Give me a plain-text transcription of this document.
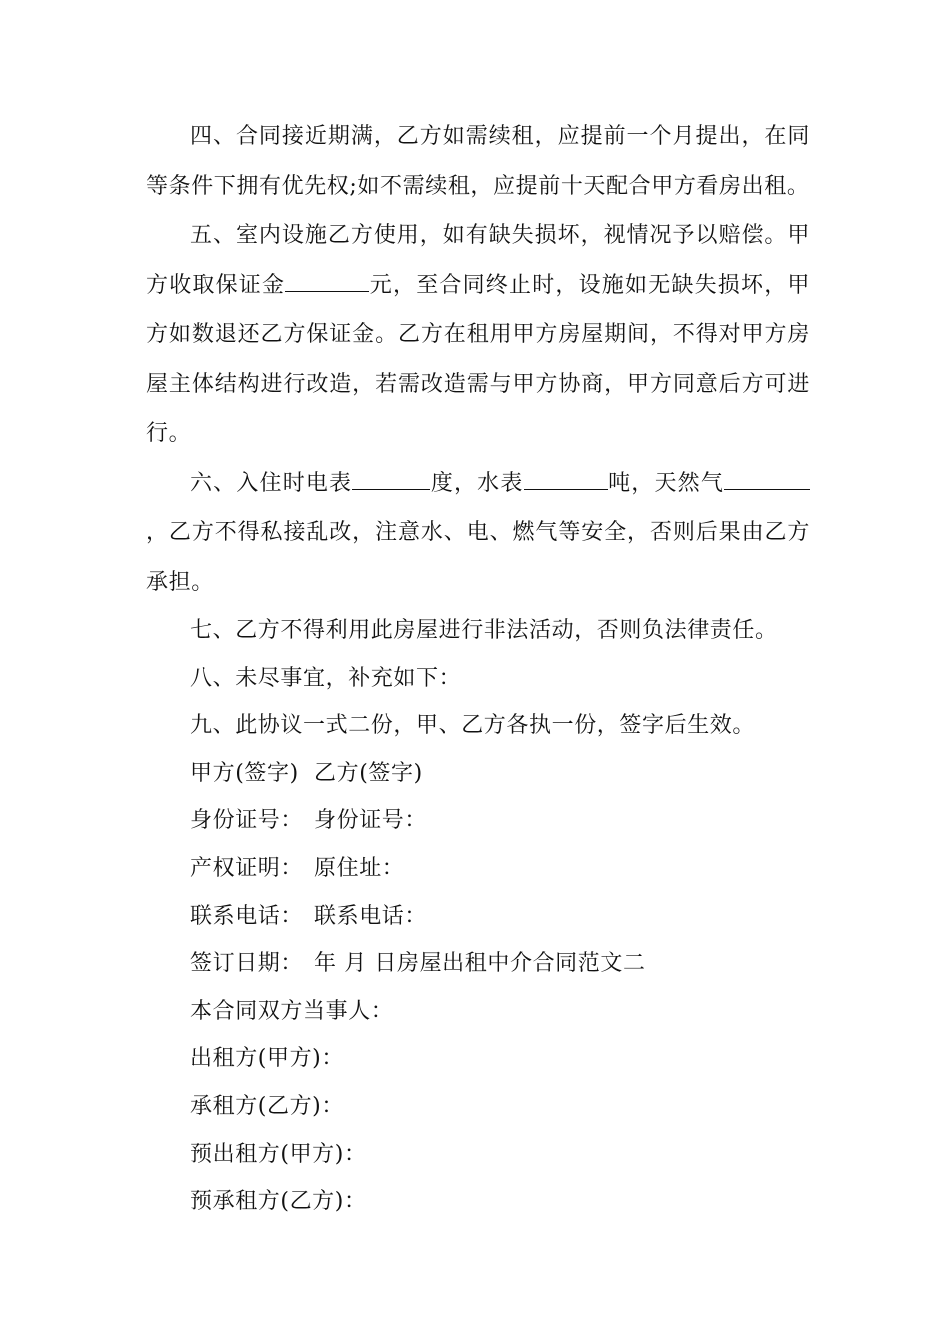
四、合同接近期满，乙方如需续租，应提前一个月提出，在同等条件下拥有优先权;如不需续租，应提前十天配合甲方看房出租。

五、室内设施乙方使用，如有缺失损坏，视情况予以赔偿。甲方收取保证金	元，至合同终止时，设施如无缺失损坏，甲方如数退还乙方保证金。乙方在租用甲方房屋期间，不得对甲方房屋主体结构进行改造，若需改造需与甲方协商，甲方同意后方可进行。

六、入住时电表	度，水表	吨，天然气，乙方不得私接乱改，注意水、电、燃气等安全，否则后果由乙方承担。

七、乙方不得利用此房屋进行非法活动，否则负法律责任。

八、未尽事宜，补充如下：

九、此协议一式二份，甲、乙方各执一份，签字后生效。

甲方(签字) 乙方(签字)

身份证号： 身份证号：

产权证明： 原住址：

联系电话： 联系电话：

签订日期： 年 月 日房屋出租中介合同范文二

本合同双方当事人：

出租方(甲方)：

承租方(乙方)：

预出租方(甲方)：

预承租方(乙方)：
